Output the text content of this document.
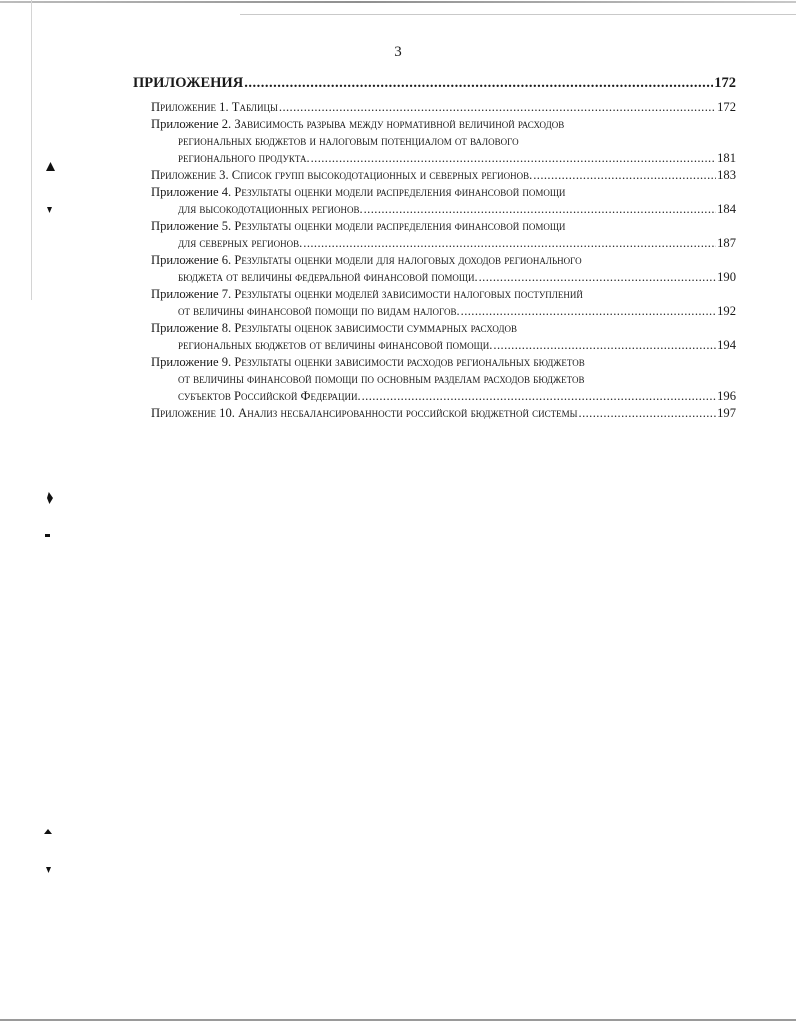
3
ПРИЛОЖЕНИЯ .....	172
Приложение 1. Таблицы .....	172
Приложение 2. Зависимость разрыва между нормативной величиной расходов
региональных бюджетов и налоговым потенциалом от валового
регионального продукта. .....	181
Приложение 3. Список групп высокодотационных и северных регионов. .....	183
Приложение 4. Результаты оценки модели распределения финансовой помощи
для высокодотационных регионов. .....	184
Приложение 5. Результаты оценки модели распределения финансовой помощи
для северных регионов. .....	187
Приложение 6. Результаты оценки модели для налоговых доходов регионального
бюджета от величины федеральной финансовой помощи. .....	190
Приложение 7. Результаты оценки моделей зависимости налоговых поступлений
от величины финансовой помощи по видам налогов. .....	192
Приложение 8. Результаты оценок зависимости суммарных расходов
региональных бюджетов от величины финансовой помощи. .....	194
Приложение 9. Результаты оценки зависимости расходов региональных бюджетов
от величины финансовой помощи по основным разделам расходов бюджетов
субъектов Российской Федерации. .....	196
Приложение 10. Анализ несбалансированности российской бюджетной системы .....	197
